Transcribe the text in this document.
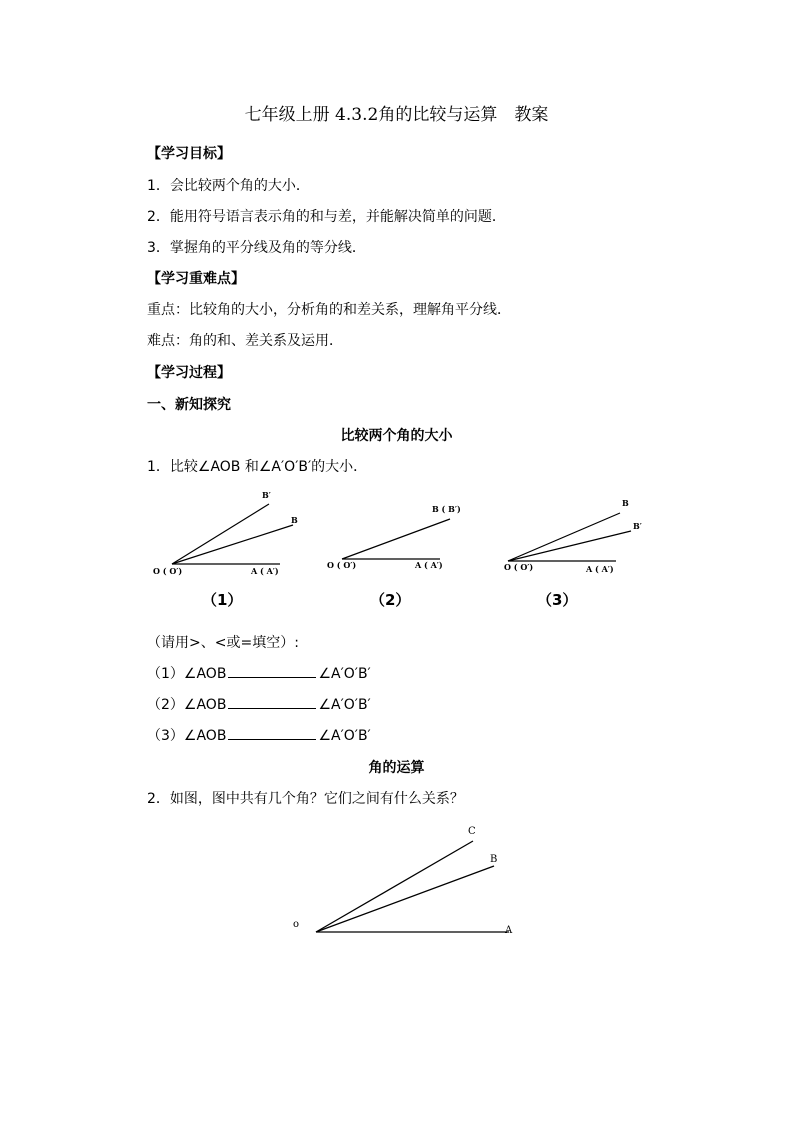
七年级上册 4.3.2角的比较与运算　教案
【学习目标】
1．会比较两个角的大小．
2．能用符号语言表示角的和与差，并能解决简单的问题．
3．掌握角的平分线及角的等分线．
【学习重难点】
重点：比较角的大小，分析角的和差关系，理解角平分线．
难点：角的和、差关系及运用．
【学习过程】
一、新知探究
比较两个角的大小
1．比较∠AOB 和∠A′O′B′的大小．
O ( O′)	A ( A′)
B
B′
（1）
O ( O′)	A ( A′)
B ( B′)
（2）
O ( O′)	A ( A′)
B
B′
（3）
（请用>、<或=填空）:
（1）∠AOB	∠A′O′B′
（2）∠AOB	∠A′O′B′
（3）∠AOB	∠A′O′B′
角的运算
2．如图，图中共有几个角？它们之间有什么关系？
o
A
B
C
